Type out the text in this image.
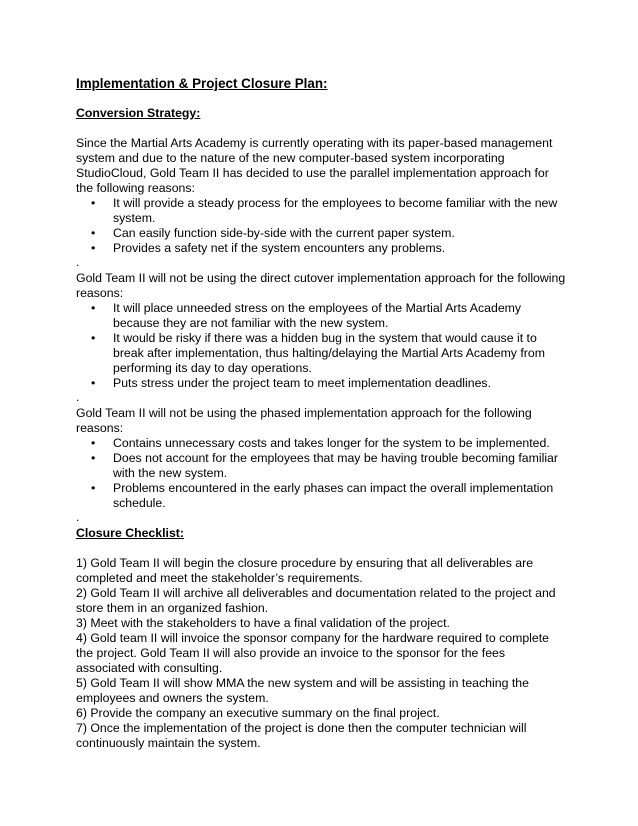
Implementation & Project Closure Plan:
Conversion Strategy:

Since the Martial Arts Academy is currently operating with its paper-based management system and due to the nature of the new computer-based system incorporating StudioCloud, Gold Team II has decided to use the parallel implementation approach for the following reasons:

• It will provide a steady process for the employees to become familiar with the new system.
• Can easily function side-by-side with the current paper system.
• Provides a safety net if the system encounters any problems.
.

Gold Team II will not be using the direct cutover implementation approach for the following reasons:

• It will place unneeded stress on the employees of the Martial Arts Academy because they are not familiar with the new system.
• It would be risky if there was a hidden bug in the system that would cause it to break after implementation, thus halting/delaying the Martial Arts Academy from performing its day to day operations.
• Puts stress under the project team to meet implementation deadlines.
.

Gold Team II will not be using the phased implementation approach for the following reasons:

• Contains unnecessary costs and takes longer for the system to be implemented.
• Does not account for the employees that may be having trouble becoming familiar with the new system.
• Problems encountered in the early phases can impact the overall implementation schedule.
.
Closure Checklist:

1) Gold Team II will begin the closure procedure by ensuring that all deliverables are completed and meet the stakeholder’s requirements.

2) Gold Team II will archive all deliverables and documentation related to the project and store them in an organized fashion.

3) Meet with the stakeholders to have a final validation of the project.

4) Gold team II will invoice the sponsor company for the hardware required to complete the project. Gold Team II will also provide an invoice to the sponsor for the fees associated with consulting.

5) Gold Team II will show MMA the new system and will be assisting in teaching the employees and owners the system.

6) Provide the company an executive summary on the final project.

7) Once the implementation of the project is done then the computer technician will continuously maintain the system.
